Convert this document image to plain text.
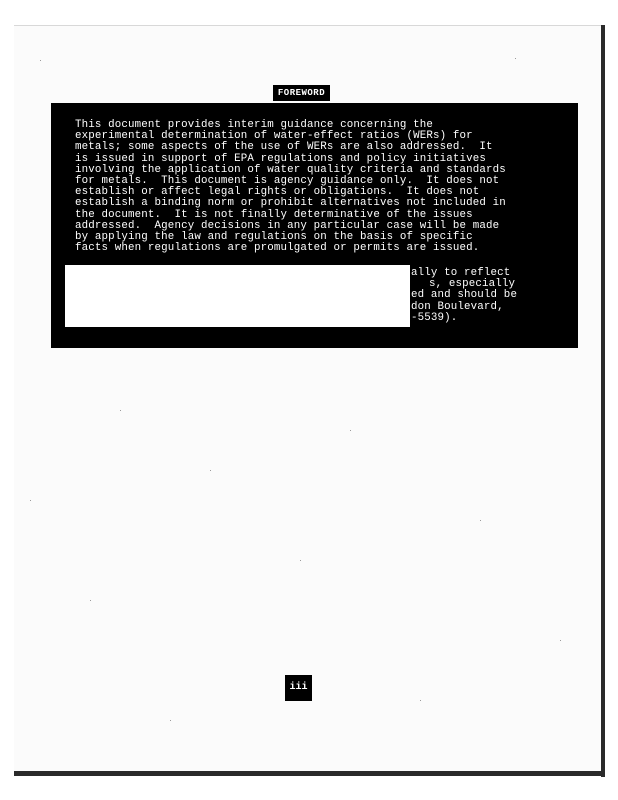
FOREWORD
This document provides interim guidance concerning the
experimental determination of water-effect ratios (WERs) for
metals; some aspects of the use of WERs are also addressed.  It
is issued in support of EPA regulations and policy initiatives
involving the application of water quality criteria and standards
for metals.  This document is agency guidance only.  It does not
establish or affect legal rights or obligations.  It does not
establish a binding norm or prohibit alternatives not included in
the document.  It is not finally determinative of the issues
addressed.  Agency decisions in any particular case will be made
by applying the law and regulations on the basis of specific
facts when regulations are promulgated or permits are issued.
ally to reflect
s, especially
ed and should be
don Boulevard,
-5539).
iii
